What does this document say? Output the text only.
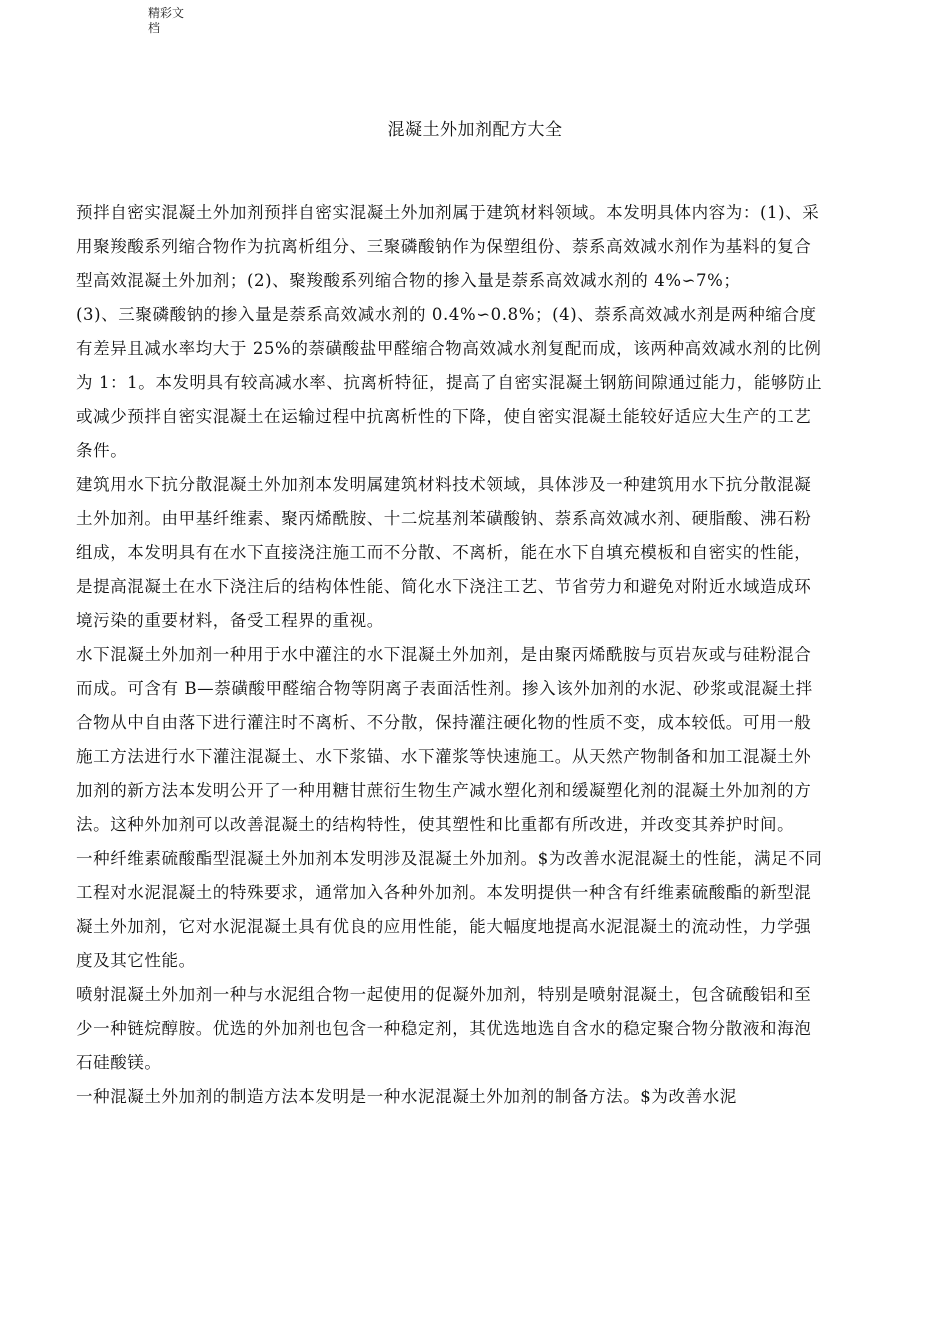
精彩文
档
混凝土外加剂配方大全

预拌自密实混凝土外加剂预拌自密实混凝土外加剂属于建筑材料领域。本发明具体内容为：(1)、采用聚羧酸系列缩合物作为抗离析组分、三聚磷酸钠作为保塑组份、萘系高效减水剂作为基料的复合型高效混凝土外加剂；(2)、聚羧酸系列缩合物的掺入量是萘系高效减水剂的 4%∽7%；

(3)、三聚磷酸钠的掺入量是萘系高效减水剂的 0.4%∽0.8%；(4)、萘系高效减水剂是两种缩合度有差异且减水率均大于 25%的萘磺酸盐甲醛缩合物高效减水剂复配而成，该两种高效减水剂的比例为 1：1。本发明具有较高减水率、抗离析特征，提高了自密实混凝土钢筋间隙通过能力，能够防止或减少预拌自密实混凝土在运输过程中抗离析性的下降，使自密实混凝土能较好适应大生产的工艺条件。

建筑用水下抗分散混凝土外加剂本发明属建筑材料技术领域，具体涉及一种建筑用水下抗分散混凝土外加剂。由甲基纤维素、聚丙烯酰胺、十二烷基剂苯磺酸钠、萘系高效减水剂、硬脂酸、沸石粉组成，本发明具有在水下直接浇注施工而不分散、不离析，能在水下自填充模板和自密实的性能，是提高混凝土在水下浇注后的结构体性能、简化水下浇注工艺、节省劳力和避免对附近水域造成环境污染的重要材料，备受工程界的重视。

水下混凝土外加剂一种用于水中灌注的水下混凝土外加剂，是由聚丙烯酰胺与页岩灰或与硅粉混合而成。可含有 B—萘磺酸甲醛缩合物等阴离子表面活性剂。掺入该外加剂的水泥、砂浆或混凝土拌合物从中自由落下进行灌注时不离析、不分散，保持灌注硬化物的性质不变，成本较低。可用一般施工方法进行水下灌注混凝土、水下浆锚、水下灌浆等快速施工。从天然产物制备和加工混凝土外加剂的新方法本发明公开了一种用糖甘蔗衍生物生产减水塑化剂和缓凝塑化剂的混凝土外加剂的方法。这种外加剂可以改善混凝土的结构特性，使其塑性和比重都有所改进，并改变其养护时间。

一种纤维素硫酸酯型混凝土外加剂本发明涉及混凝土外加剂。$为改善水泥混凝土的性能，满足不同工程对水泥混凝土的特殊要求，通常加入各种外加剂。本发明提供一种含有纤维素硫酸酯的新型混凝土外加剂，它对水泥混凝土具有优良的应用性能，能大幅度地提高水泥混凝土的流动性，力学强度及其它性能。

喷射混凝土外加剂一种与水泥组合物一起使用的促凝外加剂，特别是喷射混凝土，包含硫酸铝和至少一种链烷醇胺。优选的外加剂也包含一种稳定剂，其优选地选自含水的稳定聚合物分散液和海泡石硅酸镁。

一种混凝土外加剂的制造方法本发明是一种水泥混凝土外加剂的制备方法。$为改善水泥
